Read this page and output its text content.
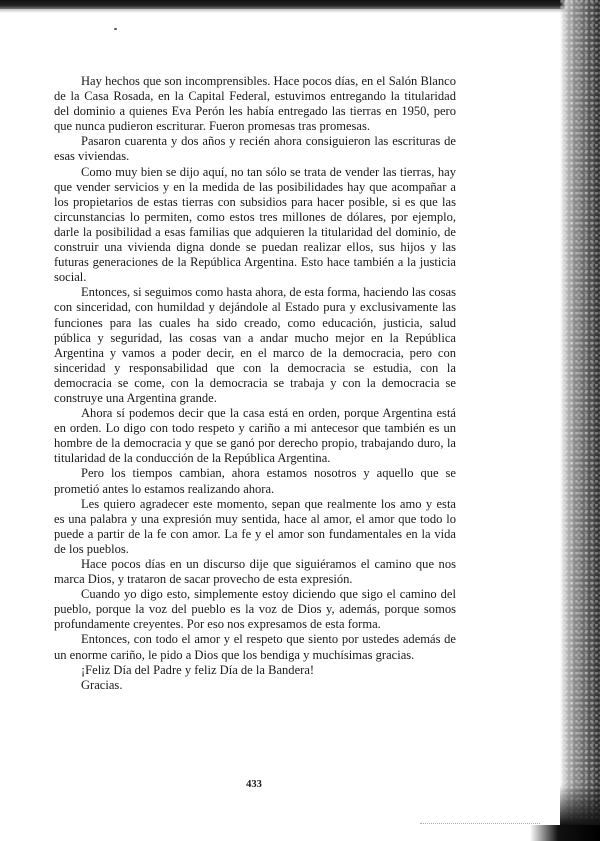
Hay hechos que son incomprensibles. Hace pocos días, en el Salón Blanco de la Casa Rosada, en la Capital Federal, estuvimos entregando la titularidad del dominio a quienes Eva Perón les había entregado las tierras en 1950, pero que nunca pudieron escriturar. Fueron promesas tras promesas.

Pasaron cuarenta y dos años y recién ahora consiguieron las escrituras de esas viviendas.

Como muy bien se dijo aquí, no tan sólo se trata de vender las tierras, hay que vender servicios y en la medida de las posibilidades hay que acompañar a los propietarios de estas tierras con subsidios para hacer posible, si es que las circunstancias lo permiten, como estos tres millones de dólares, por ejemplo, darle la posibilidad a esas familias que adquieren la titularidad del dominio, de construir una vivienda digna donde se puedan realizar ellos, sus hijos y las futuras generaciones de la República Argentina. Esto hace también a la justicia social.

Entonces, si seguimos como hasta ahora, de esta forma, haciendo las cosas con sinceridad, con humildad y dejándole al Estado pura y exclusivamente las funciones para las cuales ha sido creado, como educación, justicia, salud pública y seguridad, las cosas van a andar mucho mejor en la República Argentina y vamos a poder decir, en el marco de la democracia, pero con sinceridad y responsabilidad que con la democracia se estudia, con la democracia se come, con la democracia se trabaja y con la democracia se construye una Argentina grande.

Ahora sí podemos decir que la casa está en orden, porque Argentina está en orden. Lo digo con todo respeto y cariño a mi antecesor que también es un hombre de la democracia y que se ganó por derecho propio, trabajando duro, la titularidad de la conducción de la República Argentina.

Pero los tiempos cambian, ahora estamos nosotros y aquello que se prometió antes lo estamos realizando ahora.

Les quiero agradecer este momento, sepan que realmente los amo y esta es una palabra y una expresión muy sentida, hace al amor, el amor que todo lo puede a partir de la fe con amor. La fe y el amor son fundamentales en la vida de los pueblos.

Hace pocos días en un discurso dije que siguiéramos el camino que nos marca Dios, y trataron de sacar provecho de esta expresión.

Cuando yo digo esto, simplemente estoy diciendo que sigo el camino del pueblo, porque la voz del pueblo es la voz de Dios y, además, porque somos profundamente creyentes. Por eso nos expresamos de esta forma.

Entonces, con todo el amor y el respeto que siento por ustedes además de un enorme cariño, le pido a Dios que los bendiga y muchísimas gracias.

¡Feliz Día del Padre y feliz Día de la Bandera!

Gracias.

433
